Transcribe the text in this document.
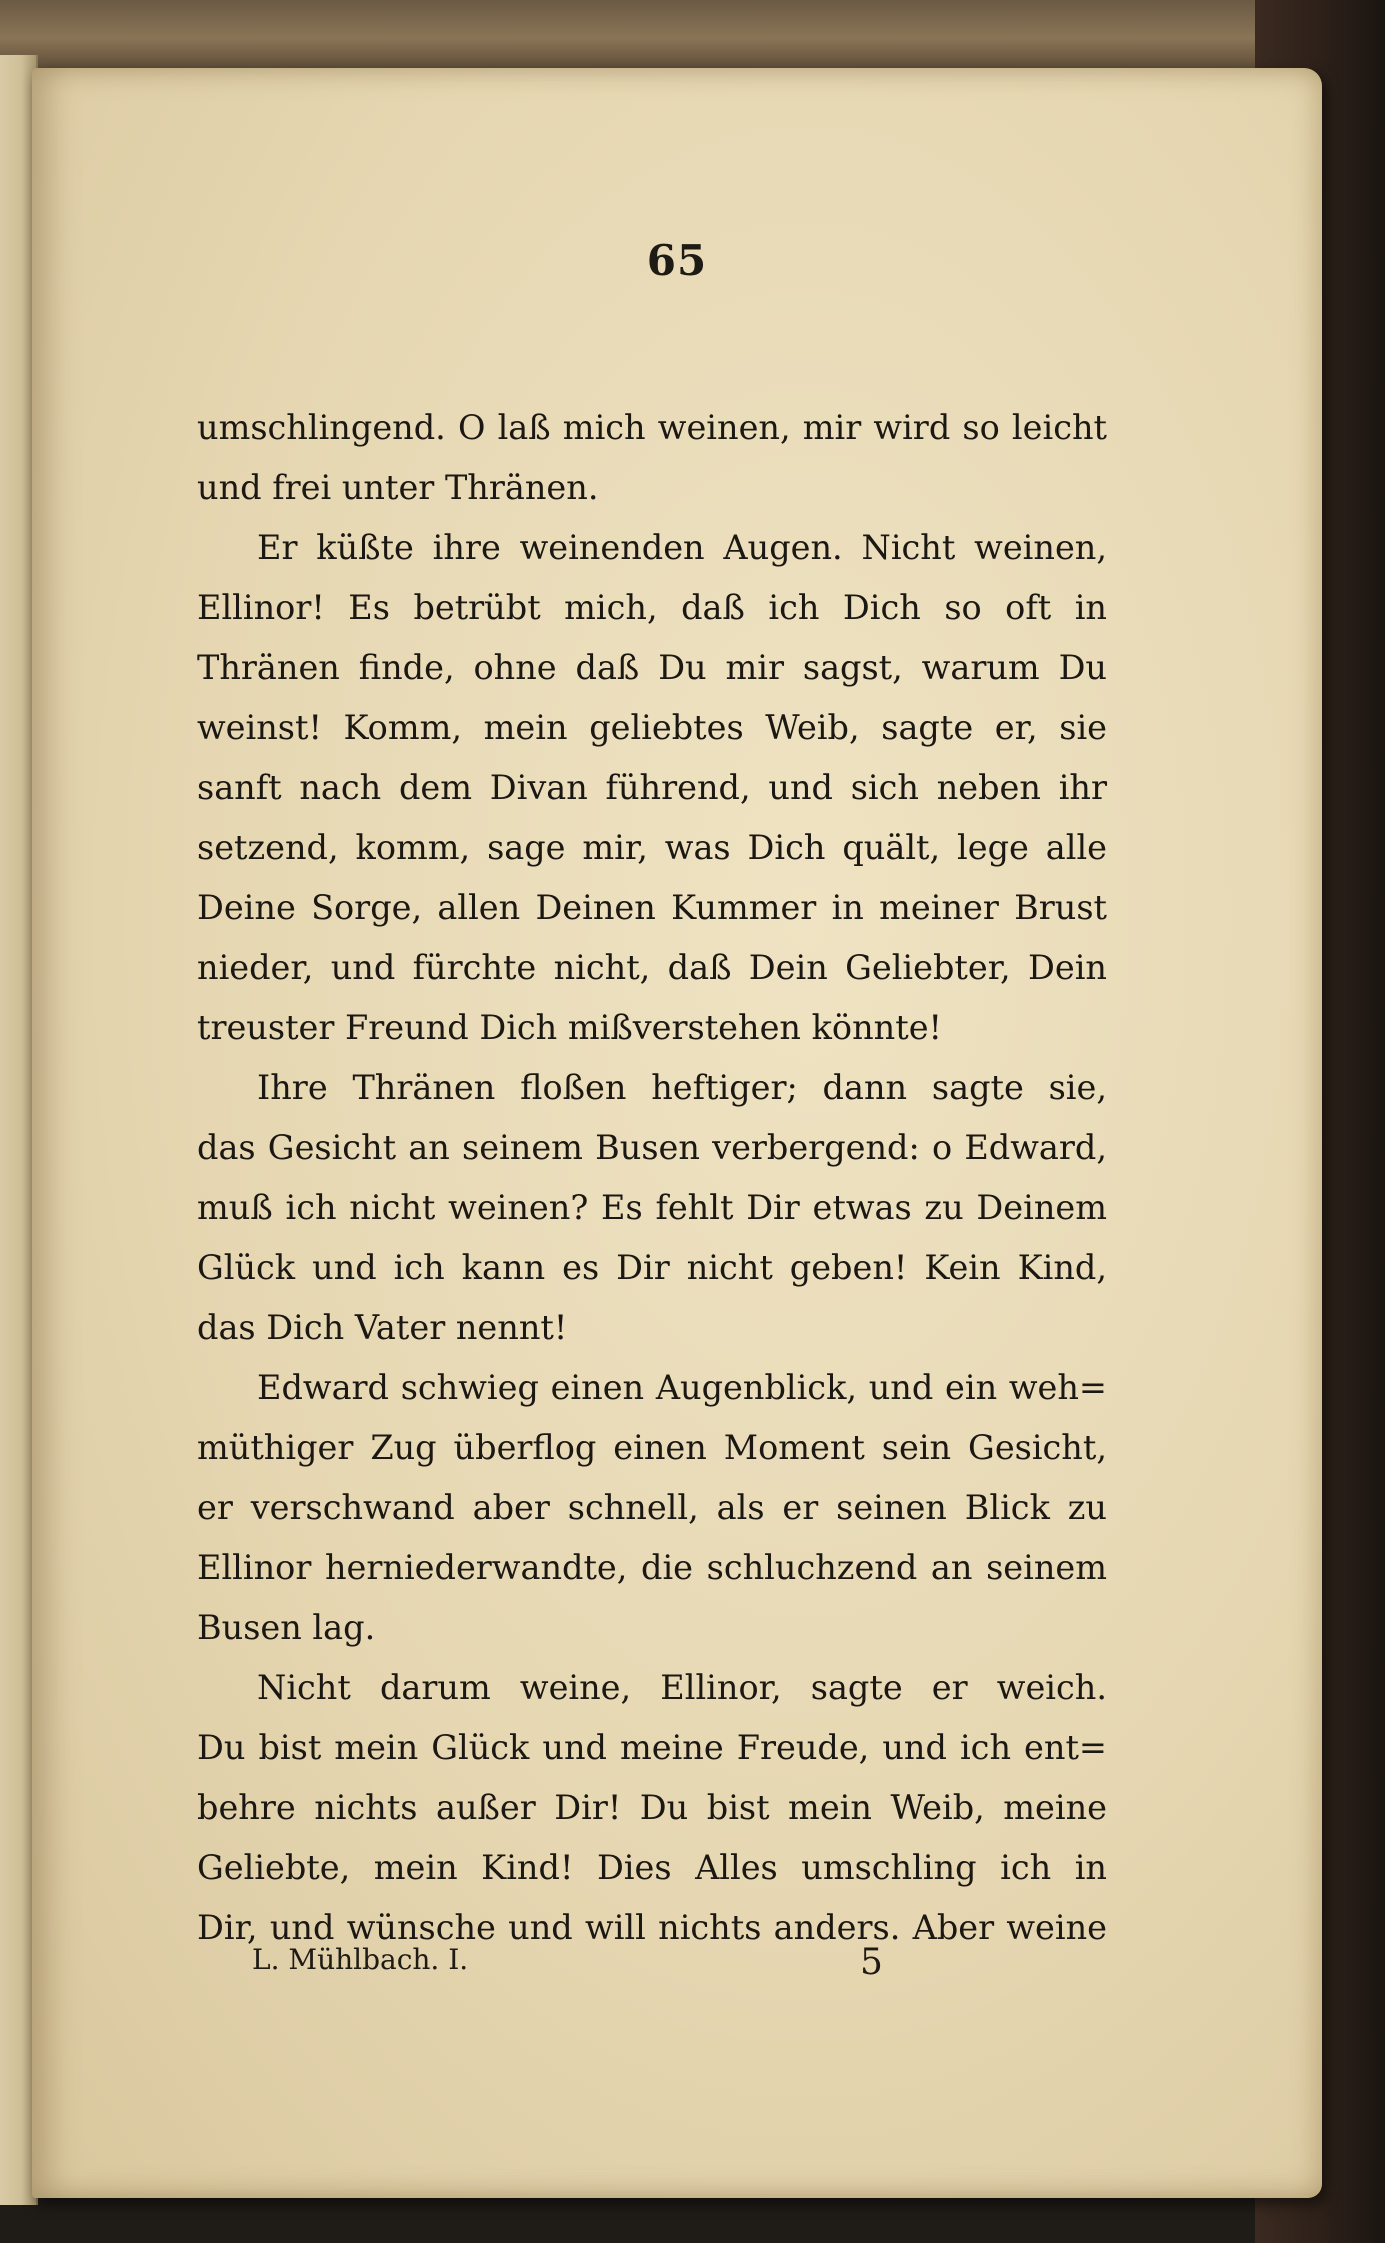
65
umschlingend. O laß mich weinen, mir wird so leicht
und frei unter Thränen.
Er küßte ihre weinenden Augen. Nicht weinen,
Ellinor! Es betrübt mich, daß ich Dich so oft in
Thränen finde, ohne daß Du mir sagst, warum Du
weinst! Komm, mein geliebtes Weib, sagte er, sie
sanft nach dem Divan führend, und sich neben ihr
setzend, komm, sage mir, was Dich quält, lege alle
Deine Sorge, allen Deinen Kummer in meiner Brust
nieder, und fürchte nicht, daß Dein Geliebter, Dein
treuster Freund Dich mißverstehen könnte!
Ihre Thränen floßen heftiger; dann sagte sie,
das Gesicht an seinem Busen verbergend: o Edward,
muß ich nicht weinen? Es fehlt Dir etwas zu Deinem
Glück und ich kann es Dir nicht geben! Kein Kind,
das Dich Vater nennt!
Edward schwieg einen Augenblick, und ein weh=
müthiger Zug überflog einen Moment sein Gesicht,
er verschwand aber schnell, als er seinen Blick zu
Ellinor herniederwandte, die schluchzend an seinem
Busen lag.
Nicht darum weine, Ellinor, sagte er weich.
Du bist mein Glück und meine Freude, und ich ent=
behre nichts außer Dir! Du bist mein Weib, meine
Geliebte, mein Kind! Dies Alles umschling ich in
Dir, und wünsche und will nichts anders. Aber weine
L. Mühlbach. I.	5
